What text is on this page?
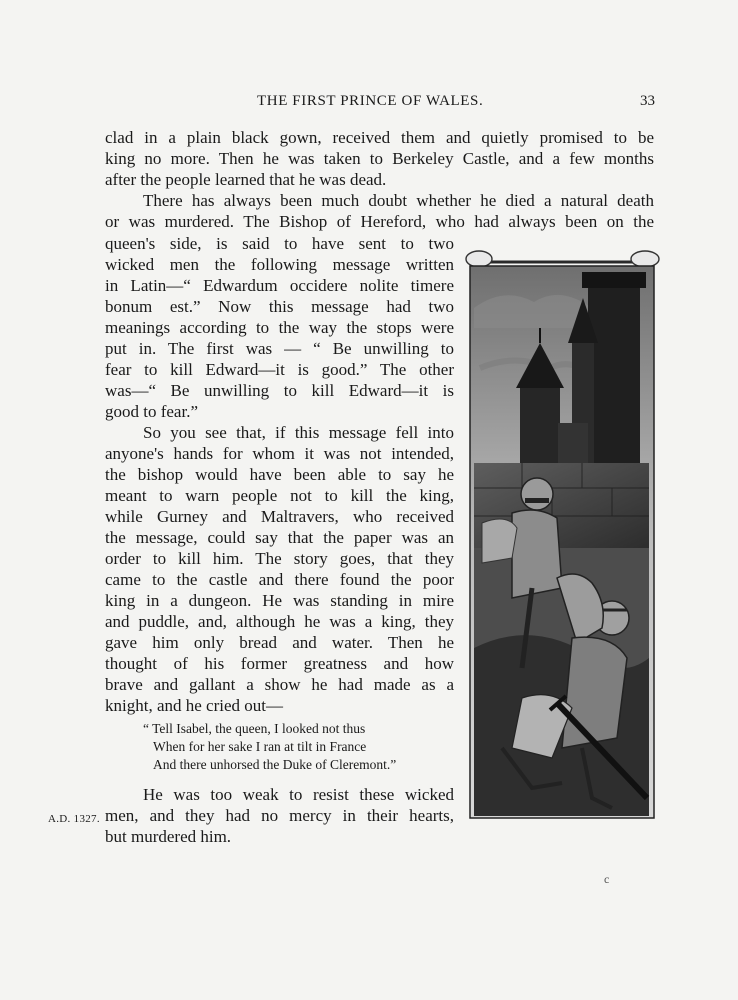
THE FIRST PRINCE OF WALES.	33
clad in a plain black gown, received them and quietly promised to be
king no more. Then he was taken to Berkeley Castle, and a few months
after the people learned that he was dead.
There has always been much doubt whether he died a natural death
or was murdered. The Bishop of Hereford, who had always been on the
queen's side, is said to have sent to two
wicked men the following message written
in Latin—“ Edwardum occidere nolite timere
bonum est.” Now this message had two
meanings according to the way the stops were
put in. The first was — “ Be unwilling to
fear to kill Edward—it is good.” The other
was—“ Be unwilling to kill Edward—it is
good to fear.”
So you see that, if this message fell into
anyone's hands for whom it was not intended,
the bishop would have been able to say he
meant to warn people not to kill the king,
while Gurney and Maltravers, who received
the message, could say that the paper was an
order to kill him. The story goes, that they
came to the castle and there found the poor
king in a dungeon. He was standing in mire
and puddle, and, although he was a king, they
gave him only bread and water. Then he
thought of his former greatness and how
brave and gallant a show he had made as a
knight, and he cried out—
“ Tell Isabel, the queen, I looked not thus
When for her sake I ran at tilt in France
And there unhorsed the Duke of Cleremont.”
He was too weak to resist these wicked
men, and they had no mercy in their hearts,
but murdered him.
A.D. 1327.
c
